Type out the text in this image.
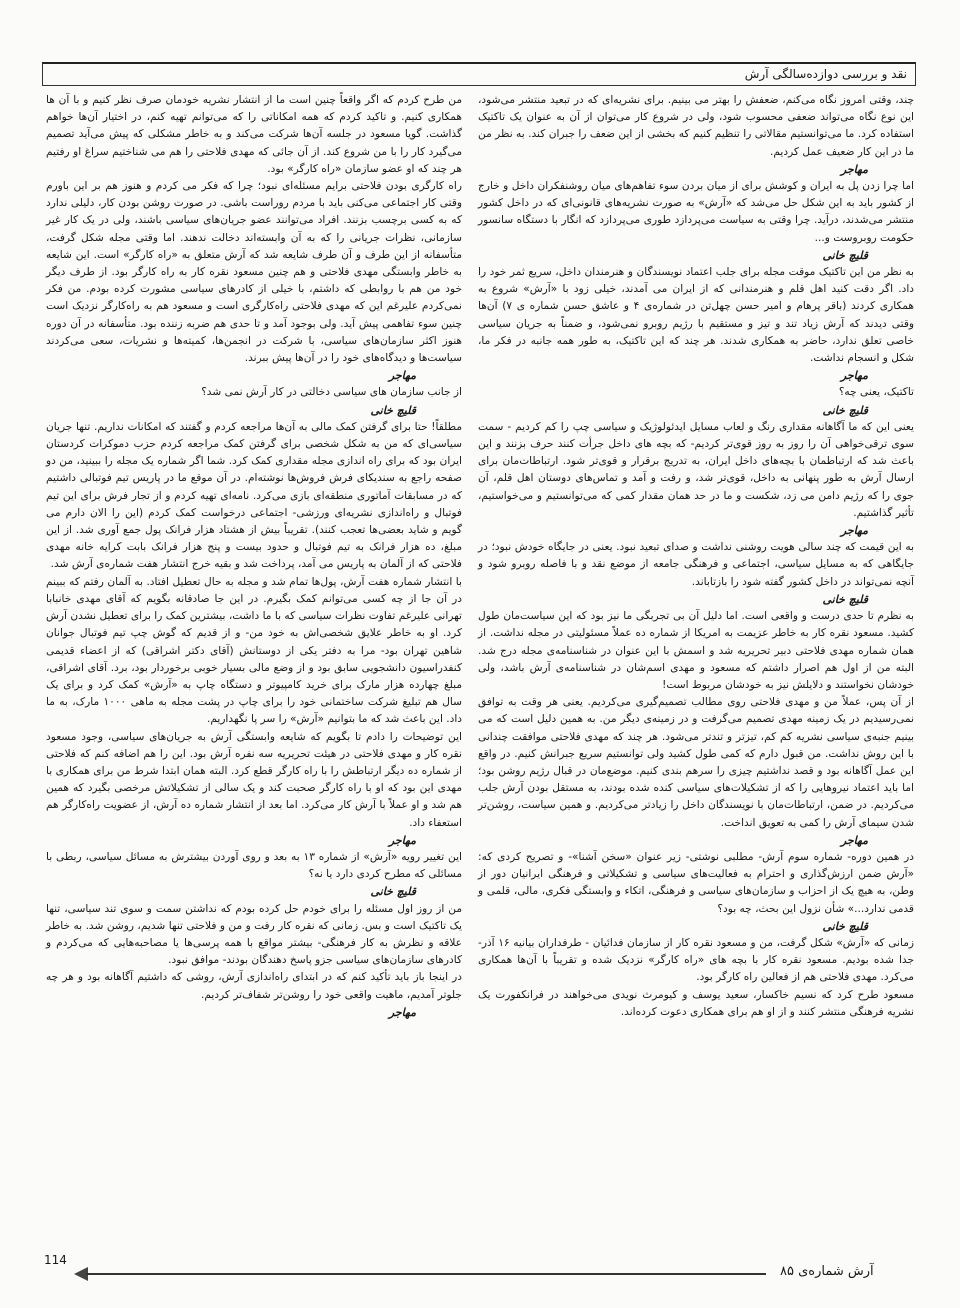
نقد و بررسی دوازده‌سالگی آرش

چند، وقتی امروز نگاه می‌کنم، ضعفش را بهتر می بینیم. برای نشریه‌ای که در تبعید منتشر می‌شود، این نوع نگاه می‌تواند ضعفی محسوب شود، ولی در شروع کار می‌توان از آن به عنوان یک تاکتیک استفاده کرد. ما می‌توانستیم مقالاتی را تنظیم کنیم که بخشی از این ضعف را جبران کند. به نظر من ما در این کار ضعیف عمل کردیم.

مهاجر

اما چرا زدن پل به ایران و کوشش برای از میان بردن سوء تفاهم‌های میان روشنفکران داخل و خارج از کشور باید به این شکل حل می‌شد که «آرش» به صورت نشریه‌های قانونی‌ای که در داخل کشور منتشر می‌شدند، درآید. چرا وقتی به سیاست می‌پردازد طوری می‌پردازد که انگار با دستگاه سانسور حکومت روبروست و...

قلیچ خانی

به نظر من این تاکتیک موقت مجله برای جلب اعتماد نویسندگان و هنرمندان داخل، سریع ثمر خود را داد. اگر دقت کنید اهل قلم و هنرمندانی که از ایران می آمدند، خیلی زود با «آرش» شروع به همکاری کردند (باقر پرهام و امیر حسن چهل‌تن در شماره‌ی ۴ و عاشق حسن شماره ی ۷) آن‌ها وقتی دیدند که آرش زیاد تند و تیز و مستقیم با رژیم روبرو نمی‌شود، و ضمناً به جریان سیاسی خاصی تعلق ندارد، حاضر به همکاری شدند. هر چند که این تاکتیک، به طور همه جانبه در فکر ما، شکل و انسجام نداشت.

مهاجر

تاکتیک، یعنی چه؟

قلیچ خانی

یعنی این که ما آگاهانه مقداری رنگ و لعاب مسایل ایدئولوژیک و سیاسی چپ را کم کردیم - سمت سوی ترقی‌خواهی آن را روز به روز قوی‌تر کردیم- که بچه های داخل جرأت کنند حرف بزنند و این باعث شد که ارتباطمان با بچه‌های داخل ایران، به تدریج برقرار و قوی‌تر شود. ارتباطات‌مان برای ارسال آرش به طور پنهانی به داخل، قوی‌تر شد، و رفت و آمد و تماس‌های دوستان اهل قلم، آن جوی را که رژیم دامن می زد، شکست و ما در حد همان مقدار کمی که می‌توانستیم و می‌خواستیم، تأثیر گذاشتیم.

مهاجر

به این قیمت که چند سالی هویت روشنی نداشت و صدای تبعید نبود. یعنی در جایگاه خودش نبود؛ در جایگاهی که به مسایل سیاسی، اجتماعی و فرهنگی جامعه از موضع نقد و با فاصله روبرو شود و آنچه نمی‌تواند در داخل کشور گفته شود را بازتاباند.

قلیچ خانی

به نظرم تا حدی درست و واقعی است. اما دلیل آن بی تجربگی ما نیز بود که این سیاست‌مان طول کشید. مسعود نقره کار به خاطر عزیمت به امریکا از شماره ده عملاً مسئولیتی در مجله نداشت. از همان شماره مهدی فلاحتی دبیر تحریریه شد و اسمش با این عنوان در شناسنامه‌ی مجله درج شد. البته من از اول هم اصرار داشتم که مسعود و مهدی اسم‌شان در شناسنامه‌ی آرش باشد، ولی خودشان نخواستند و دلایلش نیز به خودشان مربوط است!

از آن پس، عملاً من و مهدی فلاحتی روی مطالب تصمیم‌گیری می‌کردیم. یعنی هر وقت به توافق نمی‌رسیدیم در یک زمینه مهدی تصمیم می‌گرفت و در زمینه‌ی دیگر من. به همین دلیل است که می بینیم جنبه‌ی سیاسی نشریه کم کم، تیزتر و تندتر می‌شود. هر چند که مهدی فلاحتی موافقت چندانی با این روش نداشت. من قبول دارم که کمی طول کشید ولی توانستیم سریع جبرانش کنیم. در واقع این عمل آگاهانه بود و قصد نداشتیم چیزی را سرهم بندی کنیم. موضع‌مان در قبال رژیم روشن بود؛ اما باید اعتماد نیروهایی را که از تشکیلات‌های سیاسی کنده شده بودند، به مستقل بودن آرش جلب می‌کردیم. در ضمن، ارتباطات‌مان با نویسندگان داخل را زیادتر می‌کردیم. و همین سیاست، روشن‌تر شدن سیمای آرش را کمی به تعویق انداخت.

مهاجر

در همین دوره- شماره سوم آرش- مطلبی نوشتی- زیر عنوان «سخن آشنا»- و تصریح کردی که: «آرش ضمن ارزش‌گذاری و احترام به فعالیت‌های سیاسی و تشکیلاتی و فرهنگی ایرانیان دور از وطن، به هیچ یک از احزاب و سازمان‌های سیاسی و فرهنگی، اتکاء و وابستگی فکری، مالی، قلمی و قدمی ندارد...» شأن نزول این بحث، چه بود؟

قلیچ خانی

زمانی که «آرش» شکل گرفت، من و مسعود نقره کار از سازمان فدائیان - طرفداران بیانیه ۱۶ آذر- جدا شده بودیم. مسعود نقره کار با بچه های «راه کارگر» نزدیک شده و تقریباً با آن‌ها همکاری می‌کرد. مهدی فلاحتی هم از فعالین راه کارگر بود.

مسعود طرح کرد که نسیم خاکسار، سعید یوسف و کیومرث نویدی می‌خواهند در فرانکفورت یک نشریه فرهنگی منتشر کنند و از او هم برای همکاری دعوت کرده‌اند.

من طرح کردم که اگر واقعاً چنین است ما از انتشار نشریه خودمان صرف نظر کنیم و با آن ها همکاری کنیم. و تاکید کردم که همه امکاناتی را که می‌توانم تهیه کنم، در اختیار آن‌ها خواهم گذاشت. گویا مسعود در جلسه آن‌ها شرکت می‌کند و به خاطر مشکلی که پیش می‌آید تصمیم می‌گیرد کار را با من شروع کند. از آن جائی که مهدی فلاحتی را هم می شناختیم سراغ او رفتیم هر چند که او عضو سازمان «راه کارگر» بود.

راه کارگری بودن فلاحتی برایم مسئله‌ای نبود؛ چرا که فکر می کردم و هنوز هم بر این باورم وقتی کار اجتماعی می‌کنی باید با مردم روراست باشی. در صورت روشن بودن کار، دلیلی ندارد که به کسی برچسب بزنند. افراد می‌توانند عضو جریان‌های سیاسی باشند، ولی در یک کار غیر سازمانی، نظرات جریانی را که به آن وابسته‌اند دخالت ندهند. اما وقتی مجله شکل گرفت، متأسفانه از این طرف و آن طرف شایعه شد که آرش متعلق به «راه کارگر» است. این شایعه به خاطر وابستگی مهدی فلاحتی و هم چنین مسعود نقره کار به راه کارگر بود. از طرف دیگر خود من هم با روابطی که داشتم، با خیلی از کادرهای سیاسی مشورت کرده بودم. من فکر نمی‌کردم علیرغم این که مهدی فلاحتی راه‌کارگری است و مسعود هم به راه‌کارگر نزدیک است چنین سوء تفاهمی پیش آید. ولی بوجود آمد و تا حدی هم ضربه زننده بود. متأسفانه در آن دوره هنوز اکثر سازمان‌های سیاسی، با شرکت در انجمن‌ها، کمیته‌ها و نشریات، سعی می‌کردند سیاست‌ها و دیدگاه‌های خود را در آن‌ها پیش ببرند.

مهاجر

از جانب سازمان های سیاسی دخالتی در کار آرش نمی شد؟

قلیچ خانی

مطلقاً! حتا برای گرفتن کمک مالی به آن‌ها مراجعه کردم و گفتند که امکانات نداریم. تنها جریان سیاسی‌ای که من به شکل شخصی برای گرفتن کمک مراجعه کردم حزب دموکرات کردستان ایران بود که برای راه اندازی مجله مقداری کمک کرد. شما اگر شماره یک مجله را ببینید، من دو صفحه راجع به سندیکای فرش فروش‌ها نوشته‌ام. در آن موقع ما در پاریس تیم فوتبالی داشتیم که در مسابقات آماتوری منطقه‌ای بازی می‌کرد. نامه‌ای تهیه کردم و از تجار فرش برای این تیم فوتبال و راه‌اندازی نشریه‌ای ورزشی- اجتماعی درخواست کمک کردم (این را الان دارم می گویم و شاید بعضی‌ها تعجب کنند). تقریباً بیش از هشتاد هزار فرانک پول جمع آوری شد. از این مبلغ، ده هزار فرانک به تیم فوتبال و حدود بیست و پنج هزار فرانک بابت کرایه خانه مهدی فلاحتی که از آلمان به پاریس می آمد، پرداخت شد و بقیه خرج انتشار هفت شماره‌ی آرش شد.

با انتشار شماره هفت آرش، پول‌ها تمام شد و مجله به حال تعطیل افتاد. به آلمان رفتم که ببینم در آن جا از چه کسی می‌توانم کمک بگیرم. در این جا صادقانه بگویم که آقای مهدی خانبابا تهرانی علیرغم تفاوت نظرات سیاسی که با ما داشت، بیشترین کمک را برای تعطیل نشدن آرش کرد. او به خاطر علایق شخصی‌اش به خود من- و از قدیم که گوش چپ تیم فوتبال جوانان شاهین تهران بود- مرا به دفتر یکی از دوستانش (آقای دکتر اشراقی) که از اعضاء قدیمی کنفدراسیون دانشجویی سابق بود و از وضع مالی بسیار خوبی برخوردار بود، برد. آقای اشراقی، مبلغ چهارده هزار مارک برای خرید کامپیوتر و دستگاه چاپ به «آرش» کمک کرد و برای یک سال هم تبلیغ شرکت ساختمانی خود را برای چاپ در پشت مجله به ماهی ۱۰۰۰ مارک، به ما داد. این باعث شد که ما بتوانیم «آرش» را سر پا نگهداریم.

این توضیحات را دادم تا بگویم که شایعه وابستگی آرش به جریان‌های سیاسی، وجود مسعود نقره کار و مهدی فلاحتی در هیئت تحریریه سه نفره آرش بود. این را هم اضافه کنم که فلاحتی از شماره ده دیگر ارتباطش را با راه کارگر قطع کرد. البته همان ابتدا شرط من برای همکاری با مهدی این بود که او با راه کارگر صحبت کند و یک سالی از تشکیلاتش مرخصی بگیرد که همین هم شد و او عملاً با آرش کار می‌کرد. اما بعد از انتشار شماره ده آرش، از عضویت راه‌کارگر هم استعفاء داد.

مهاجر

این تغییر رویه «آرش» از شماره ۱۳ به بعد و روی آوردن بیشترش به مسائل سیاسی، ربطی با مسائلی که مطرح کردی دارد یا نه؟

قلیچ خانی

من از روز اول مسئله را برای خودم حل کرده بودم که نداشتن سمت و سوی تند سیاسی، تنها یک تاکتیک است و بس. زمانی که نقره کار رفت و من و فلاحتی تنها شدیم، روشن شد. به خاطر علاقه و نظرش به کار فرهنگی- بیشتر مواقع با همه پرسی‌ها یا مصاحبه‌هایی که می‌کردم و کادرهای سازمان‌های سیاسی جزو پاسخ دهندگان بودند- موافق نبود.

در اینجا باز باید تأکید کنم که در ابتدای راه‌اندازی آرش، روشی که داشتیم آگاهانه بود و هر چه جلوتر آمدیم، ماهیت واقعی خود را روشن‌تر شفاف‌تر کردیم.

مهاجر

114
آرش شماره‌ی ۸۵
